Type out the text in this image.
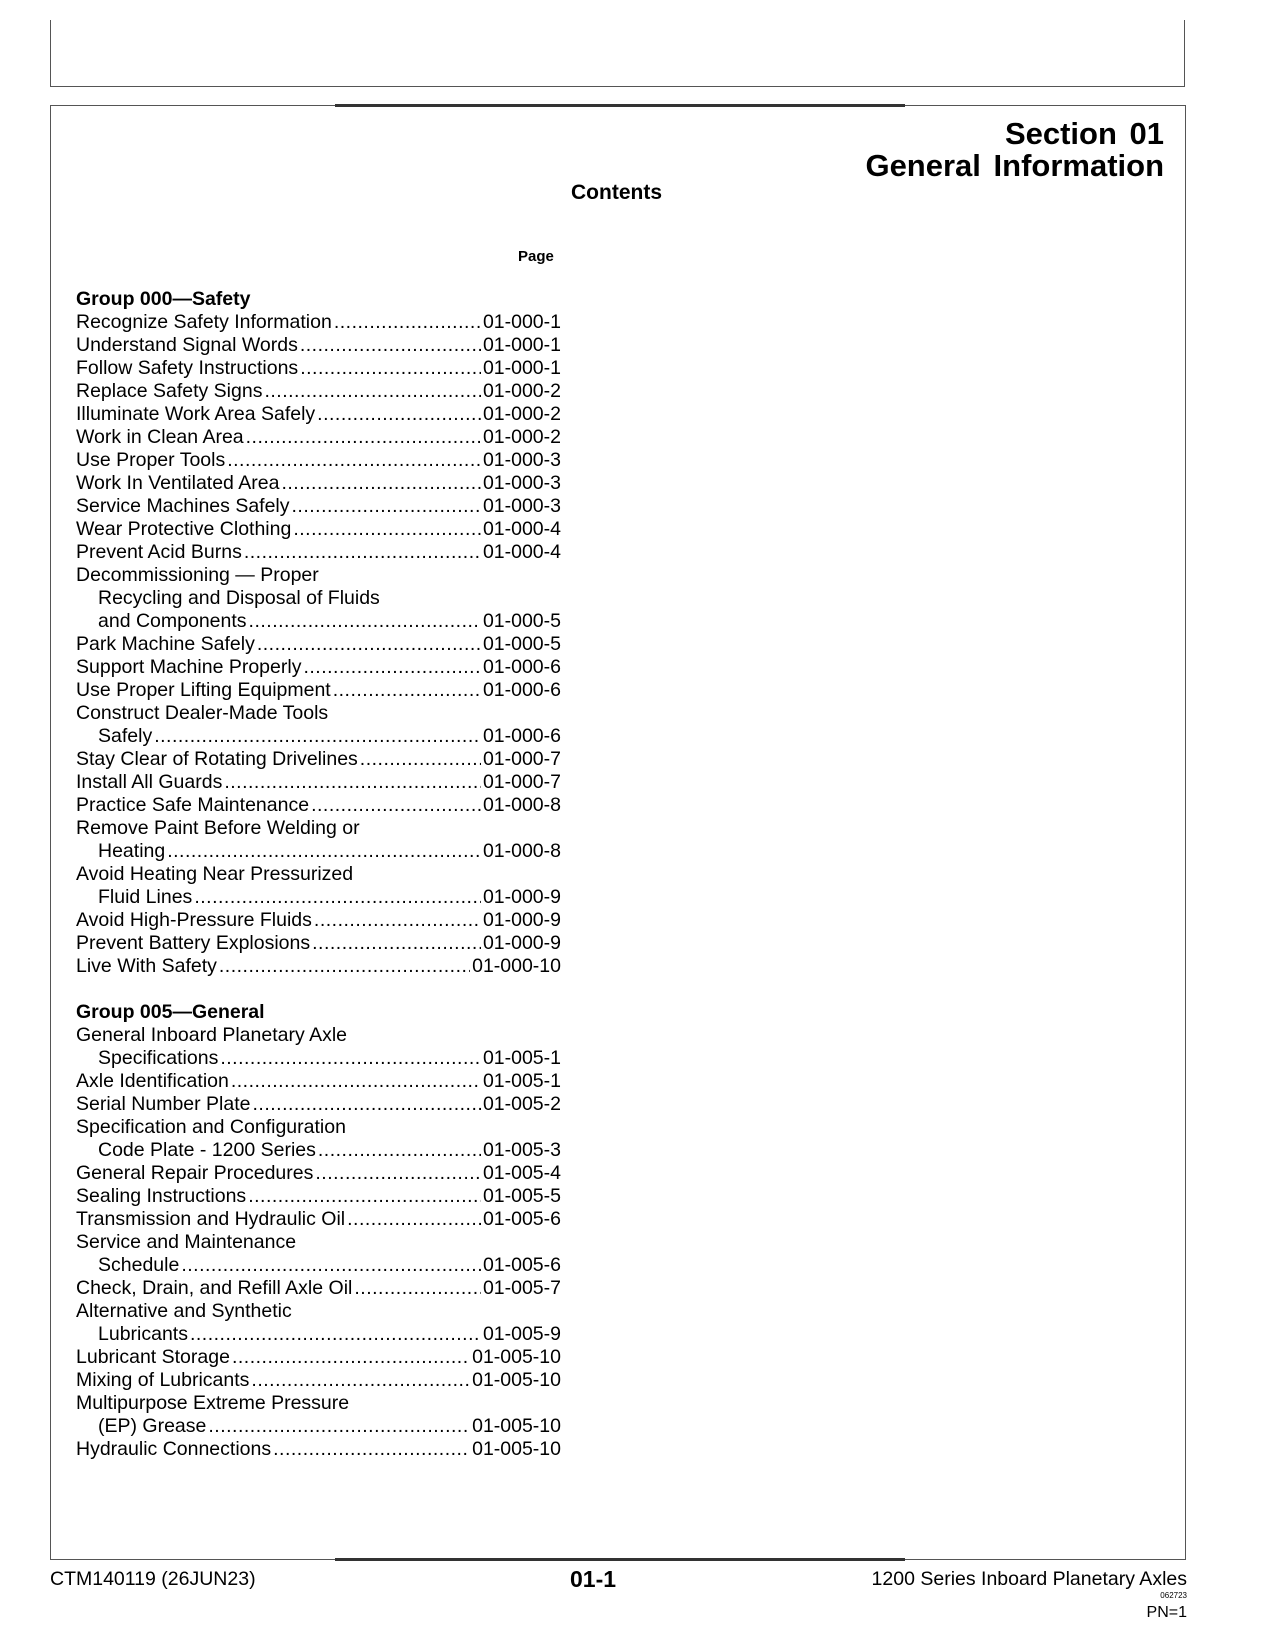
Section 01
General Information
Contents
Page
Group 000—Safety
Recognize Safety Information .....	01-000-1
Understand Signal Words .....	01-000-1
Follow Safety Instructions .....	01-000-1
Replace Safety Signs .....	01-000-2
Illuminate Work Area Safely .....	01-000-2
Work in Clean Area .....	01-000-2
Use Proper Tools .....	01-000-3
Work In Ventilated Area .....	01-000-3
Service Machines Safely .....	01-000-3
Wear Protective Clothing .....	01-000-4
Prevent Acid Burns .....	01-000-4
Decommissioning — Proper
Recycling and Disposal of Fluids
and Components .....	01-000-5
Park Machine Safely .....	01-000-5
Support Machine Properly .....	01-000-6
Use Proper Lifting Equipment .....	01-000-6
Construct Dealer-Made Tools
Safely .....	01-000-6
Stay Clear of Rotating Drivelines .....	01-000-7
Install All Guards .....	01-000-7
Practice Safe Maintenance .....	01-000-8
Remove Paint Before Welding or
Heating .....	01-000-8
Avoid Heating Near Pressurized
Fluid Lines .....	01-000-9
Avoid High-Pressure Fluids .....	01-000-9
Prevent Battery Explosions .....	01-000-9
Live With Safety .....	01-000-10
Group 005—General
General Inboard Planetary Axle
Specifications .....	01-005-1
Axle Identification .....	01-005-1
Serial Number Plate .....	01-005-2
Specification and Configuration
Code Plate - 1200 Series .....	01-005-3
General Repair Procedures .....	01-005-4
Sealing Instructions .....	01-005-5
Transmission and Hydraulic Oil .....	01-005-6
Service and Maintenance
Schedule .....	01-005-6
Check, Drain, and Refill Axle Oil .....	01-005-7
Alternative and Synthetic
Lubricants .....	01-005-9
Lubricant Storage .....	01-005-10
Mixing of Lubricants .....	01-005-10
Multipurpose Extreme Pressure
(EP) Grease .....	01-005-10
Hydraulic Connections .....	01-005-10
CTM140119 (26JUN23)	01-1	1200 Series Inboard Planetary Axles
062723
PN=1
